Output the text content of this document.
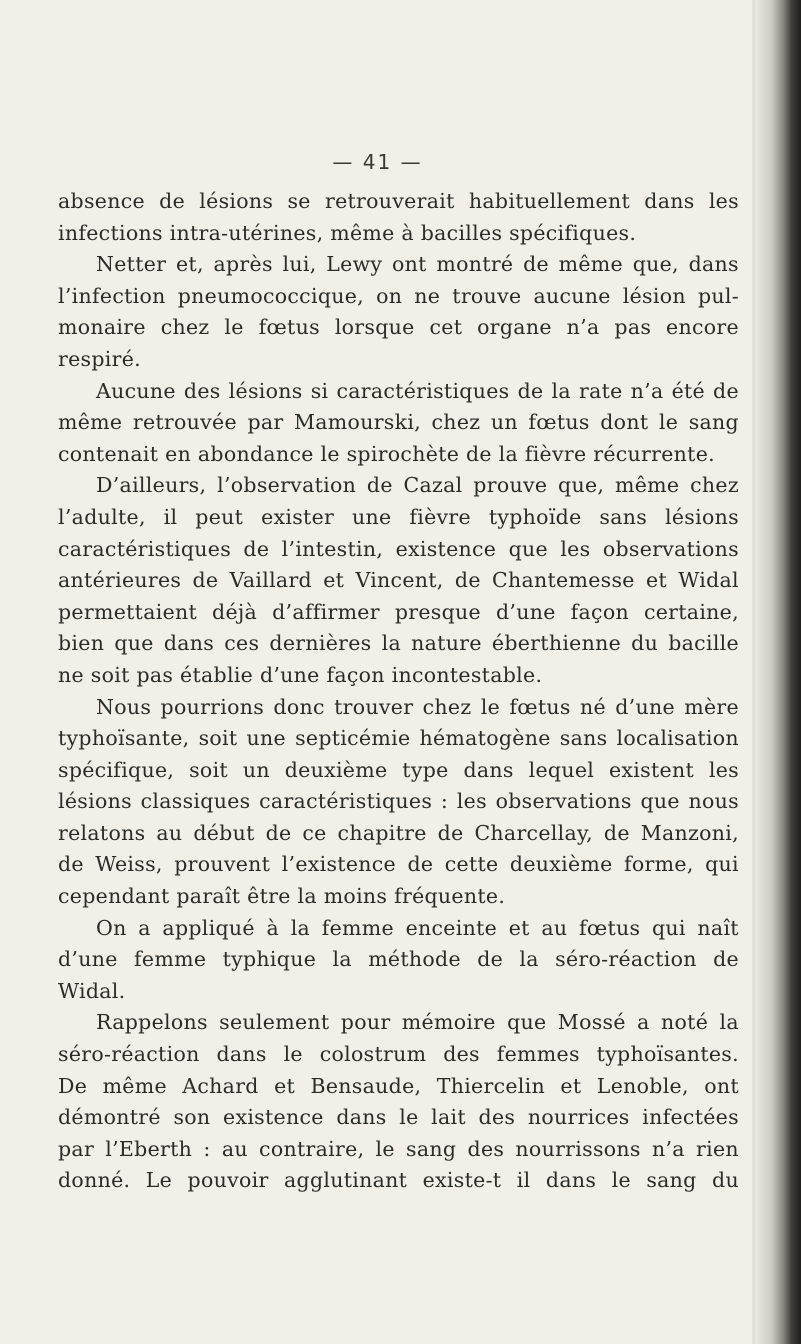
— 41 —
absence de lésions se retrouverait habituellement dans les
infections intra-utérines, même à bacilles spécifiques.
Netter et, après lui, Lewy ont montré de même que, dans
l’infection pneumococcique, on ne trouve aucune lésion pul-
monaire chez le fœtus lorsque cet organe n’a pas encore
respiré.
Aucune des lésions si caractéristiques de la rate n’a été de
même retrouvée par Mamourski, chez un fœtus dont le sang
contenait en abondance le spirochète de la fièvre récurrente.
D’ailleurs, l’observation de Cazal prouve que, même chez
l’adulte, il peut exister une fièvre typhoïde sans lésions
caractéristiques de l’intestin, existence que les observations
antérieures de Vaillard et Vincent, de Chantemesse et Widal
permettaient déjà d’affirmer presque d’une façon certaine,
bien que dans ces dernières la nature éberthienne du bacille
ne soit pas établie d’une façon incontestable.
Nous pourrions donc trouver chez le fœtus né d’une mère
typhoïsante, soit une septicémie hématogène sans localisation
spécifique, soit un deuxième type dans lequel existent les
lésions classiques caractéristiques : les observations que nous
relatons au début de ce chapitre de Charcellay, de Manzoni,
de Weiss, prouvent l’existence de cette deuxième forme, qui
cependant paraît être la moins fréquente.
On a appliqué à la femme enceinte et au fœtus qui naît
d’une femme typhique la méthode de la séro-réaction de
Widal.
Rappelons seulement pour mémoire que Mossé a noté la
séro-réaction dans le colostrum des femmes typhoïsantes.
De même Achard et Bensaude, Thiercelin et Lenoble, ont
démontré son existence dans le lait des nourrices infectées
par l’Eberth : au contraire, le sang des nourrissons n’a rien
donné. Le pouvoir agglutinant existe-t il dans le sang du
